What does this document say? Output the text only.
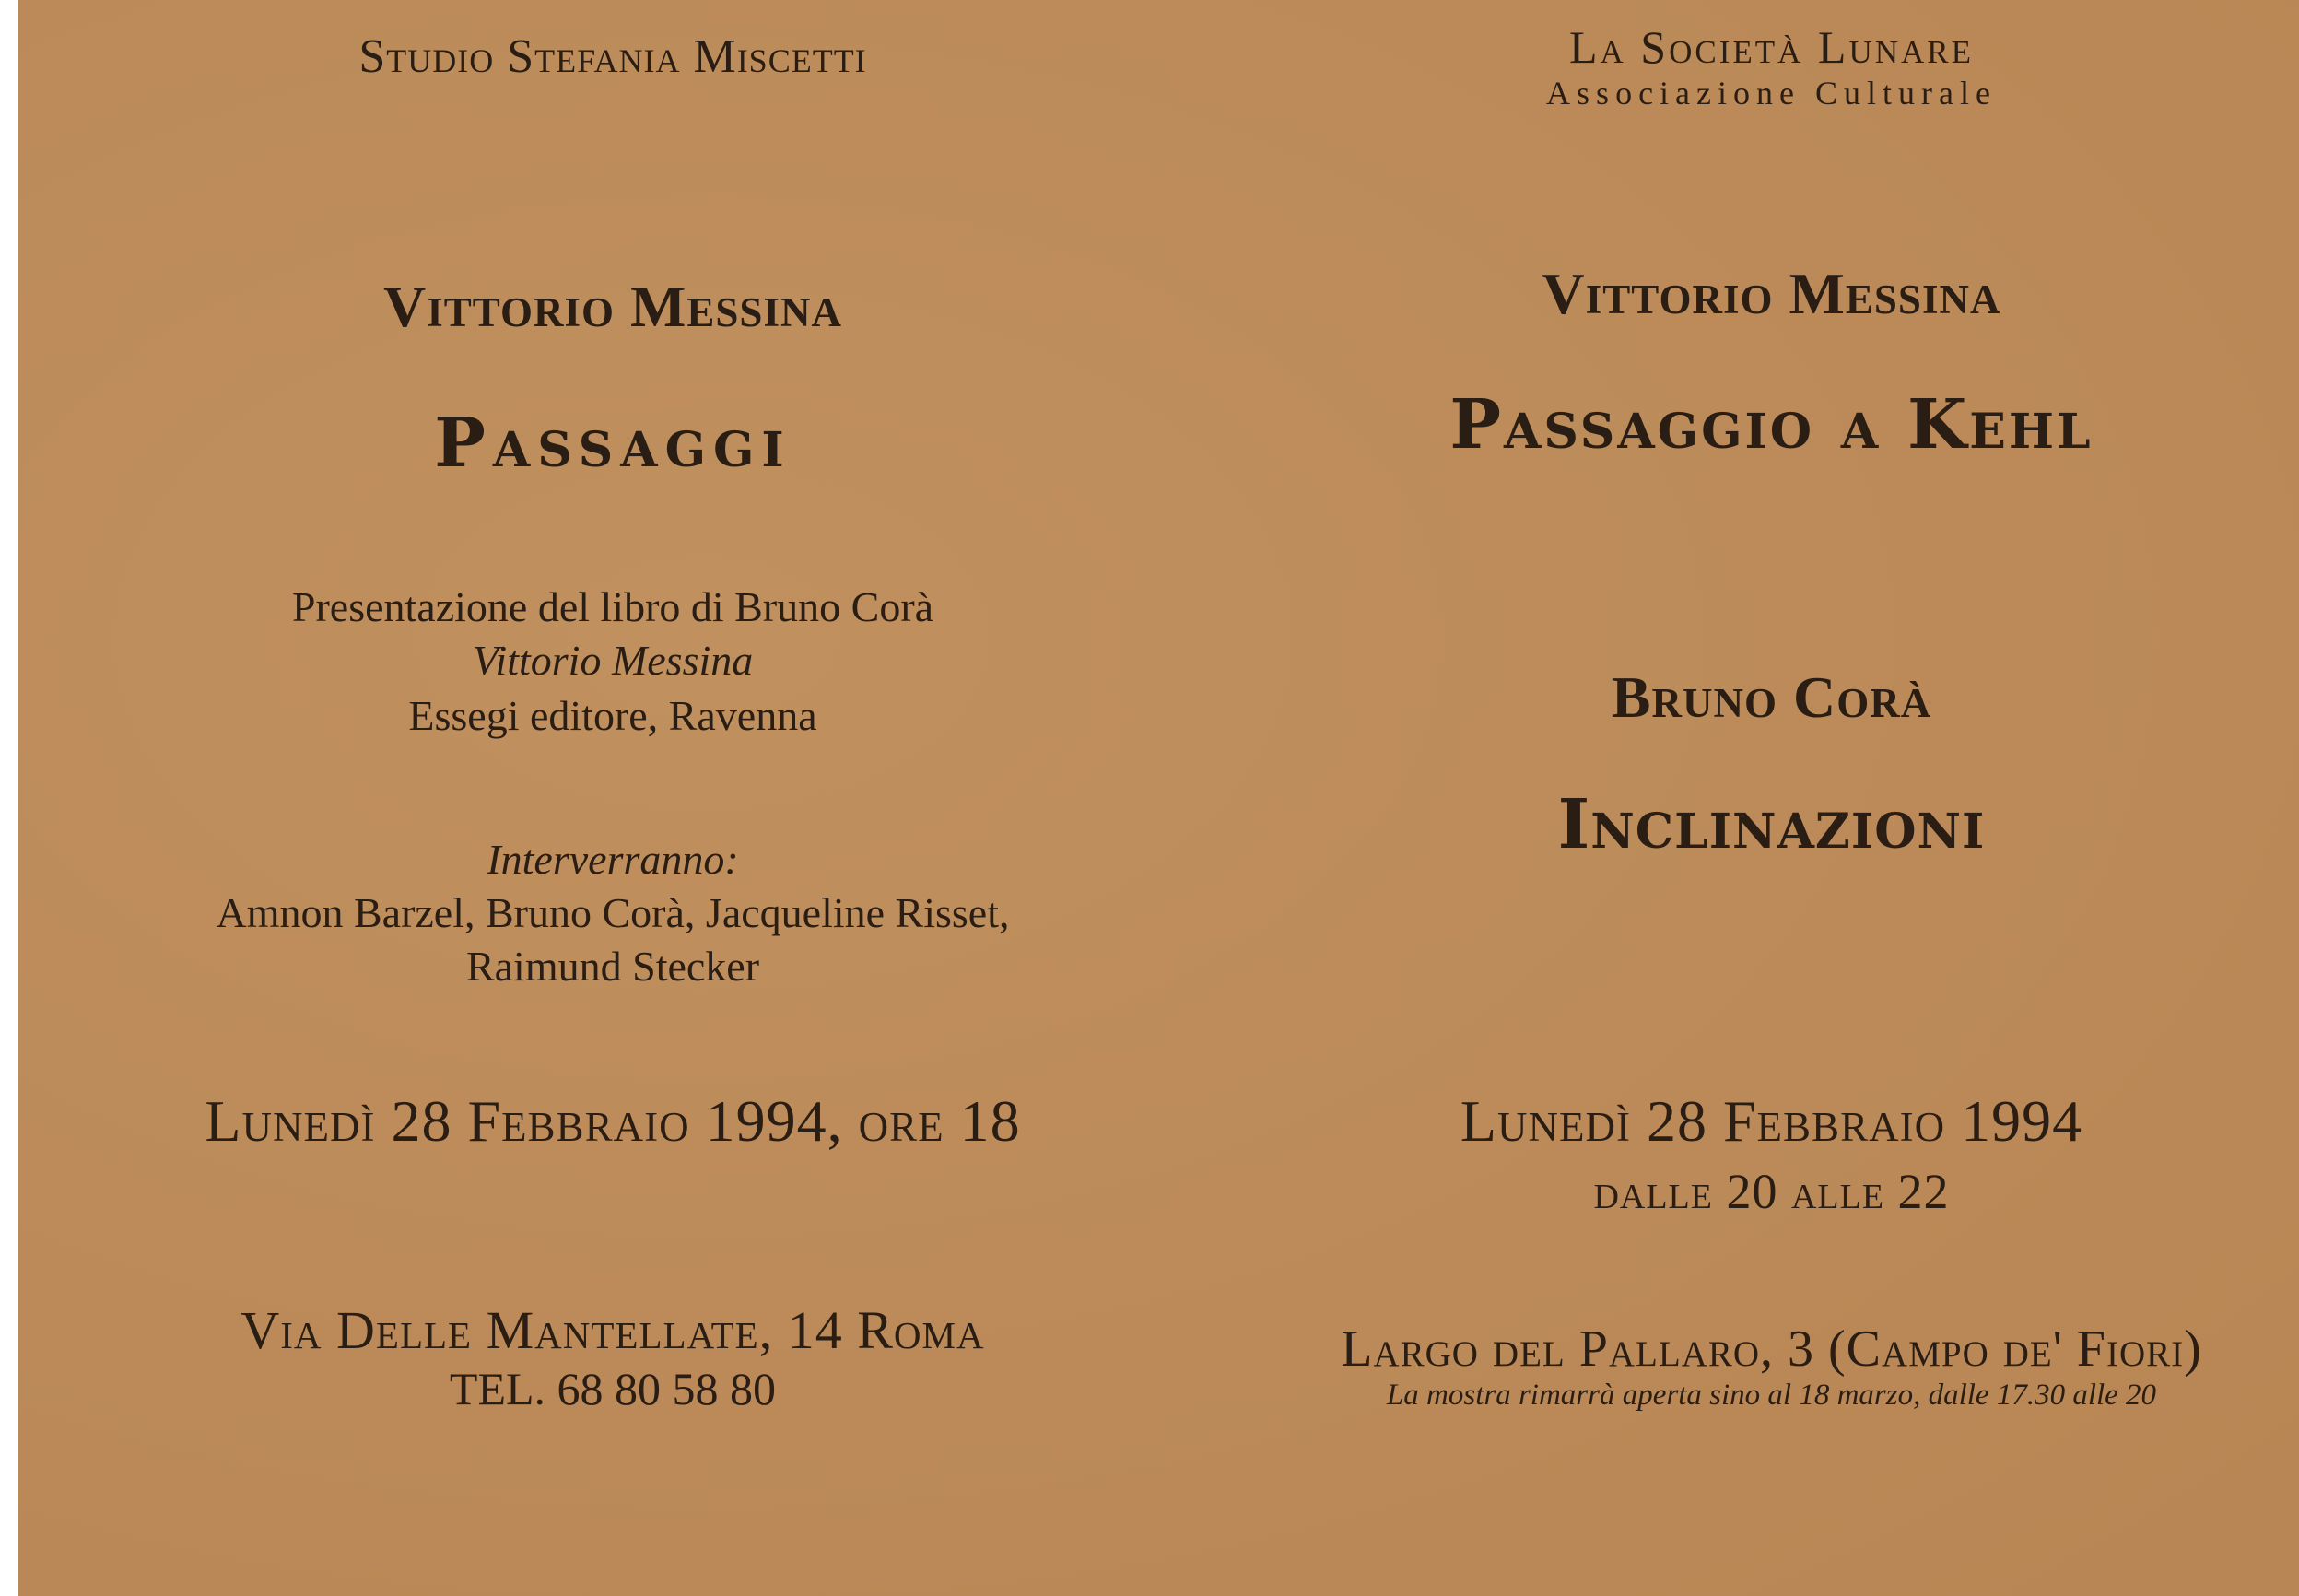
Studio Stefania Miscetti
Vittorio Messina
Passaggi
Presentazione del libro di Bruno Corà
Vittorio Messina
Essegi editore, Ravenna
Interverranno:
Amnon Barzel, Bruno Corà, Jacqueline Risset,
Raimund Stecker
Lunedì 28 Febbraio 1994, ore 18
Via Delle Mantellate, 14 Roma
TEL. 68 80 58 80
La Società Lunare
Associazione Culturale
Vittorio Messina
Passaggio a Kehl
Bruno Corà
Inclinazioni
Lunedì 28 Febbraio 1994
dalle 20 alle 22
Largo del Pallaro, 3 (Campo de' Fiori)
La mostra rimarrà aperta sino al 18 marzo, dalle 17.30 alle 20
